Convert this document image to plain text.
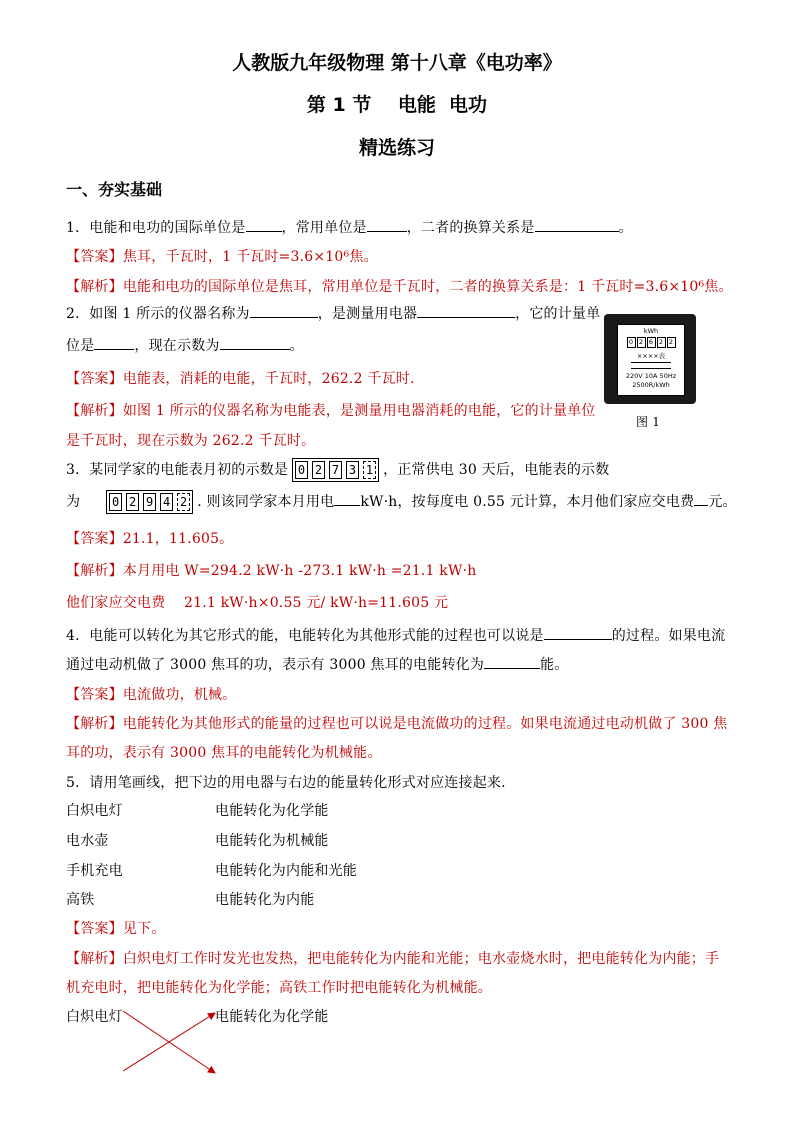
人教版九年级物理 第十八章《电功率》
第 1 节    电能  电功
精选练习
一、夯实基础
1．电能和电功的国际单位是	，常用单位是	，二者的换算关系是	。
【答案】焦耳，千瓦时，1 千瓦时=3.6×10⁶焦。
【解析】电能和电功的国际单位是焦耳，常用单位是千瓦时，二者的换算关系是：1 千瓦时=3.6×10⁶焦。
2．如图 1 所示的仪器名称为	，是测量用电器	，它的计量单
位是	，现在示数为	。
【答案】电能表，消耗的电能，千瓦时，262.2 千瓦时.
【解析】如图 1 所示的仪器名称为电能表，是测量用电器消耗的电能，它的计量单位
是千瓦时，现在示数为 262.2 千瓦时。
kWh
0 2 6 2 2
××××表
220V 10A 50Hz
2500R/kWh
图 1
3．某同学家的电能表月初的示数是 0 2 7 3 1 ，正常供电 30 天后，电能表的示数
为	0 2 9 4 2 . 则该同学家本月用电 kW·h，按每度电 0.55 元计算，本月他们家应交电费 元。
【答案】21.1，11.605。
【解析】本月用电 W=294.2 kW·h -273.1 kW·h =21.1 kW·h
他们家应交电费    21.1 kW·h×0.55 元/ kW·h=11.605 元
4．电能可以转化为其它形式的能，电能转化为其他形式能的过程也可以说是	的过程。如果电流
通过电动机做了 3000 焦耳的功，表示有 3000 焦耳的电能转化为	能。
【答案】电流做功，机械。
【解析】电能转化为其他形式的能量的过程也可以说是电流做功的过程。如果电流通过电动机做了 300 焦
耳的功，表示有 3000 焦耳的电能转化为机械能。
5．请用笔画线，把下边的用电器与右边的能量转化形式对应连接起来．
白炽电灯	电能转化为化学能
电水壶	电能转化为机械能
手机充电	电能转化为内能和光能
高铁	电能转化为内能
【答案】见下。
【解析】白炽电灯工作时发光也发热，把电能转化为内能和光能；电水壶烧水时，把电能转化为内能；手
机充电时，把电能转化为化学能；高铁工作时把电能转化为机械能。
白炽电灯	电能转化为化学能
